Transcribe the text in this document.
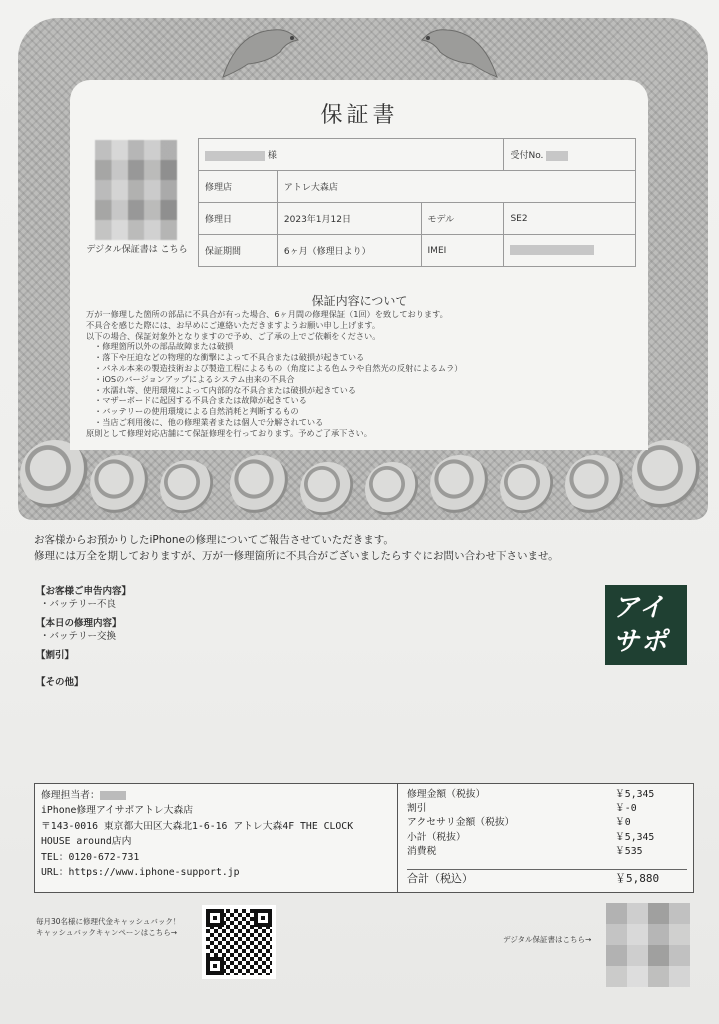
保証書
デジタル保証書は こちら
様			受付No.
修理店	アトレ大森店		
修理日	2023年1月12日	モデル	SE2
保証期間	6ヶ月（修理日より）	IMEI	
保証内容について
万が一修理した箇所の部品に不具合が有った場合、6ヶ月間の修理保証（1回）を致しております。
不具合を感じた際には、お早めにご連絡いただきますようお願い申し上げます。
以下の場合、保証対象外となりますので予め、ご了承の上でご依頼をください。
・修理箇所以外の部品故障または破損
・落下や圧迫などの物理的な衝撃によって不具合または破損が起きている
・パネル本来の製造技術および製造工程によるもの（角度による色ムラや自然光の反射によるムラ）
・iOSのバージョンアップによるシステム由来の不具合
・水濡れ等、使用環境によって内部的な不具合または破損が起きている
・マザーボードに起因する不具合または故障が起きている
・バッテリーの使用環境による自然消耗と判断するもの
・当店ご利用後に、他の修理業者または個人で分解されている
原則として修理対応店舗にて保証修理を行っております。予めご了承下さい。
お客様からお預かりしたiPhoneの修理についてご報告させていただきます。
修理には万全を期しておりますが、万が一修理箇所に不具合がございましたらすぐにお問い合わせ下さいませ。
【お客様ご申告内容】
・バッテリー不良
【本日の修理内容】
・バッテリー交換
【割引】
【その他】
アイ
サポ
修理担当者：
iPhone修理アイサポアトレ大森店
〒143-0016 東京都大田区大森北1-6-16 アトレ大森4F THE CLOCK
HOUSE around店内
TEL：0120-672-731
URL：https://www.iphone-support.jp
修理金額（税抜）	￥5,345
割引	￥-0
アクセサリ金額（税抜）	￥0
小計（税抜）	￥5,345
消費税	￥535
合計（税込）	￥5,880
毎月30名様に修理代金キャッシュバック！
キャッシュバックキャンペーンはこちら→
デジタル保証書はこちら→
